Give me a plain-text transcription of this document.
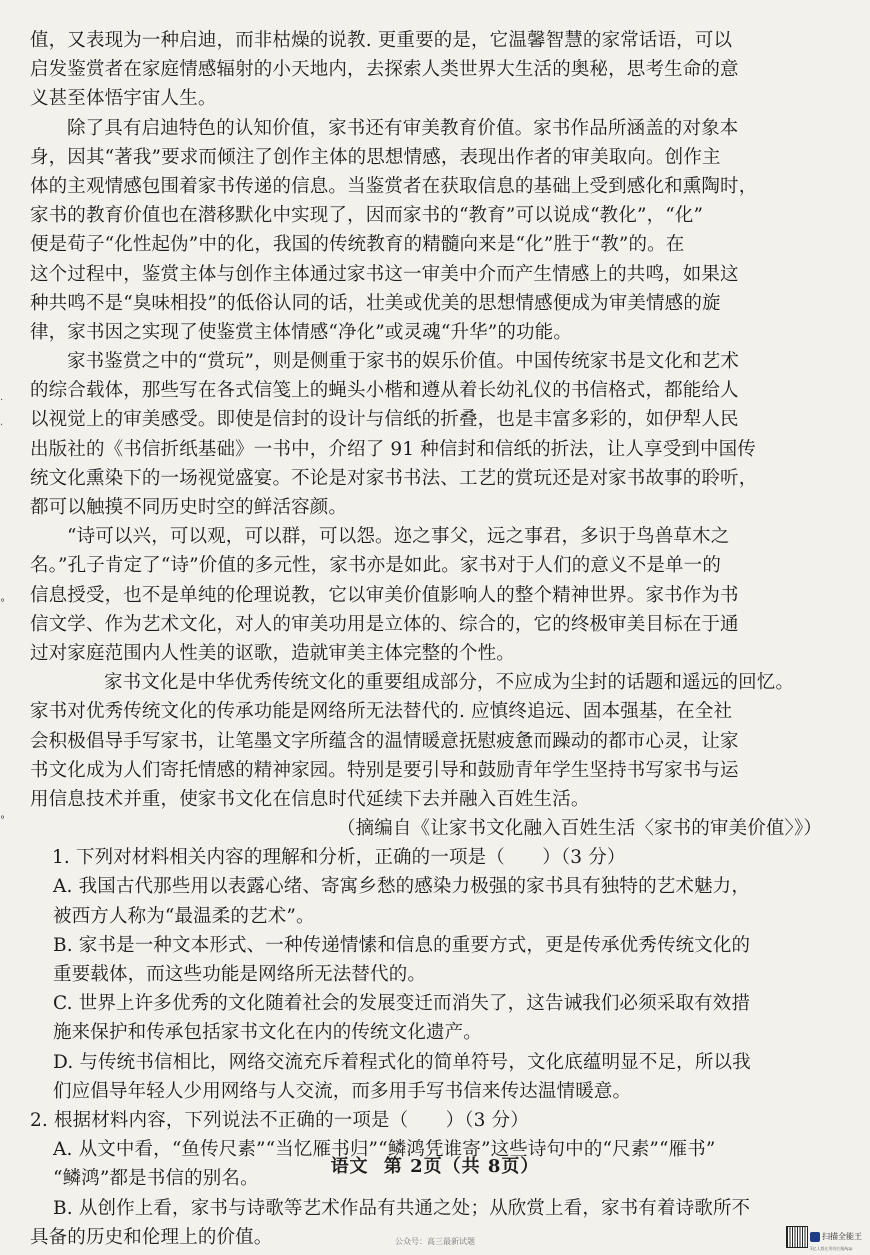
值，又表现为一种启迪，而非枯燥的说教. 更重要的是，它温馨智慧的家常话语，可以
启发鉴赏者在家庭情感辐射的小天地内，去探索人类世界大生活的奥秘，思考生命的意
义甚至体悟宇宙人生。
除了具有启迪特色的认知价值，家书还有审美教育价值。家书作品所涵盖的对象本
身，因其“著我”要求而倾注了创作主体的思想情感，表现出作者的审美取向。创作主
体的主观情感包围着家书传递的信息。当鉴赏者在获取信息的基础上受到感化和熏陶时，
家书的教育价值也在潜移默化中实现了，因而家书的“教育”可以说成“教化”，“化”
便是荀子“化性起伪”中的化，我国的传统教育的精髓向来是“化”胜于“教”的。在
这个过程中，鉴赏主体与创作主体通过家书这一审美中介而产生情感上的共鸣，如果这
种共鸣不是“臭味相投”的低俗认同的话，壮美或优美的思想情感便成为审美情感的旋
律，家书因之实现了使鉴赏主体情感“净化”或灵魂“升华”的功能。
家书鉴赏之中的“赏玩”，则是侧重于家书的娱乐价值。中国传统家书是文化和艺术
的综合载体，那些写在各式信笺上的蝇头小楷和遵从着长幼礼仪的书信格式，都能给人
以视觉上的审美感受。即使是信封的设计与信纸的折叠，也是丰富多彩的，如伊犁人民
出版社的《书信折纸基础》一书中，介绍了 91 种信封和信纸的折法，让人享受到中国传
统文化熏染下的一场视觉盛宴。不论是对家书书法、工艺的赏玩还是对家书故事的聆听，
都可以触摸不同历史时空的鲜活容颜。
“诗可以兴，可以观，可以群，可以怨。迩之事父，远之事君，多识于鸟兽草木之
名。”孔子肯定了“诗”价值的多元性，家书亦是如此。家书对于人们的意义不是单一的
信息授受，也不是单纯的伦理说教，它以审美价值影响人的整个精神世界。家书作为书
信文学、作为艺术文化，对人的审美功用是立体的、综合的，它的终极审美目标在于通
过对家庭范围内人性美的讴歌，造就审美主体完整的个性。
家书文化是中华优秀传统文化的重要组成部分，不应成为尘封的话题和遥远的回忆。
家书对优秀传统文化的传承功能是网络所无法替代的. 应慎终追远、固本强基，在全社
会积极倡导手写家书，让笔墨文字所蕴含的温情暖意抚慰疲惫而躁动的都市心灵，让家
书文化成为人们寄托情感的精神家园。特别是要引导和鼓励青年学生坚持书写家书与运
用信息技术并重，使家书文化在信息时代延续下去并融入百姓生活。
（摘编自《让家书文化融入百姓生活〈家书的审美价值〉》）
1. 下列对材料相关内容的理解和分析，正确的一项是（　　）（3 分）
A. 我国古代那些用以表露心绪、寄寓乡愁的感染力极强的家书具有独特的艺术魅力，
被西方人称为“最温柔的艺术”。
B. 家书是一种文本形式、一种传递情愫和信息的重要方式，更是传承优秀传统文化的
重要载体，而这些功能是网络所无法替代的。
C. 世界上许多优秀的文化随着社会的发展变迁而消失了，这告诫我们必须采取有效措
施来保护和传承包括家书文化在内的传统文化遗产。
D. 与传统书信相比，网络交流充斥着程式化的简单符号，文化底蕴明显不足，所以我
们应倡导年轻人少用网络与人交流，而多用手写书信来传达温情暖意。
2. 根据材料内容，下列说法不正确的一项是（　　）（3 分）
A. 从文中看，“鱼传尺素”“当忆雁书归”“鳞鸿凭谁寄”这些诗句中的“尺素”“雁书”
“鳞鸿”都是书信的别名。
B. 从创作上看，家书与诗歌等艺术作品有共通之处；从欣赏上看，家书有着诗歌所不
具备的历史和伦理上的价值。
语文 第 2页（共 8页）
·
·
°
°
公众号：高三最新试题
扫描全能王
3亿人都在用的扫描App
